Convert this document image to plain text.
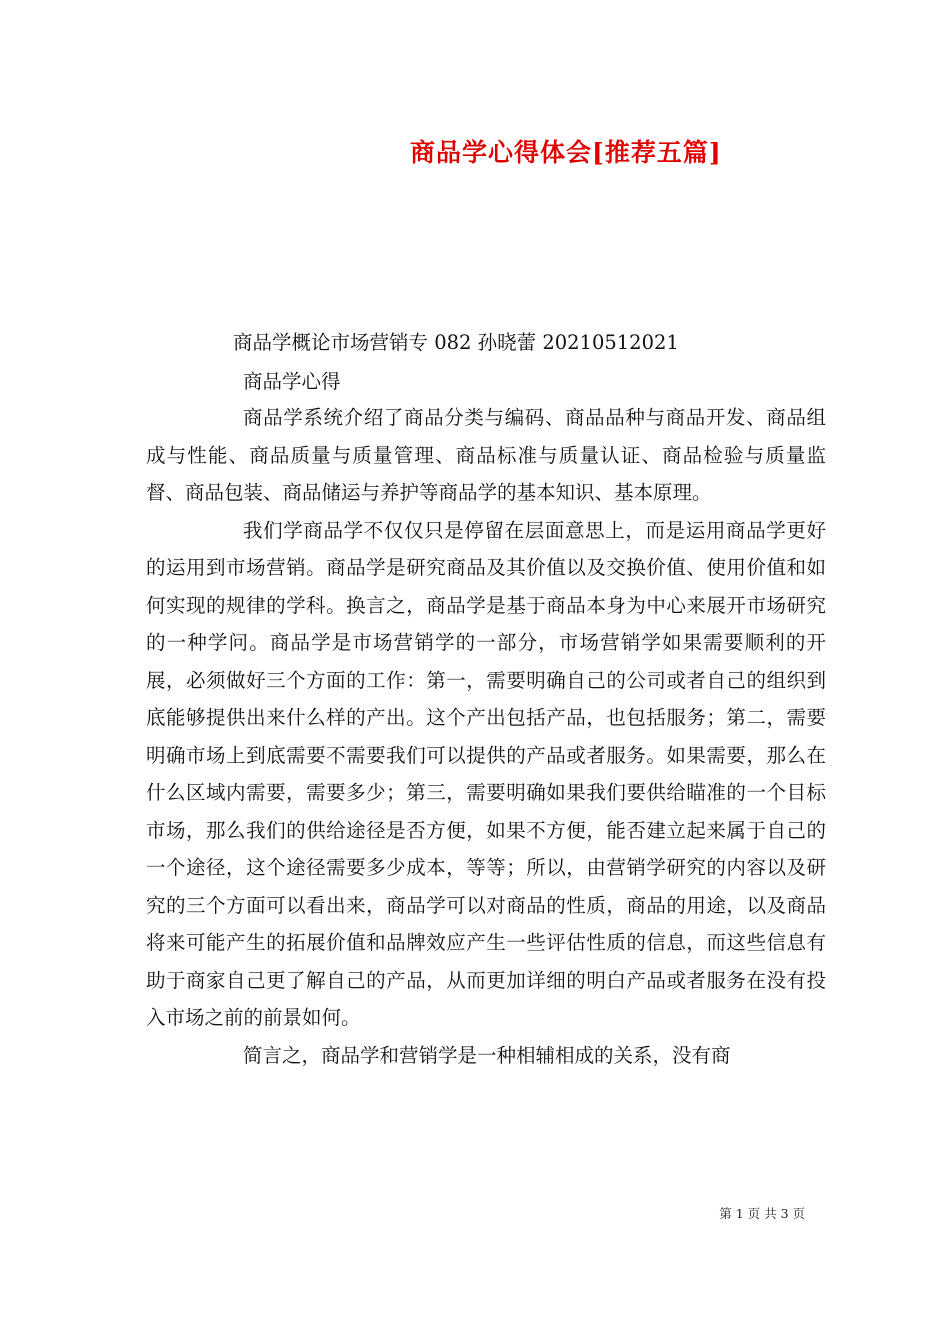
商品学心得体会[推荐五篇]
商品学概论市场营销专 082 孙晓蕾 20210512021
商品学心得

商品学系统介绍了商品分类与编码、商品品种与商品开发、商品组成与性能、商品质量与质量管理、商品标准与质量认证、商品检验与质量监督、商品包装、商品储运与养护等商品学的基本知识、基本原理。

我们学商品学不仅仅只是停留在层面意思上，而是运用商品学更好的运用到市场营销。商品学是研究商品及其价值以及交换价值、使用价值和如何实现的规律的学科。换言之，商品学是基于商品本身为中心来展开市场研究的一种学问。商品学是市场营销学的一部分，市场营销学如果需要顺利的开展，必须做好三个方面的工作：第一，需要明确自己的公司或者自己的组织到底能够提供出来什么样的产出。这个产出包括产品，也包括服务；第二，需要明确市场上到底需要不需要我们可以提供的产品或者服务。如果需要，那么在什么区域内需要，需要多少；第三，需要明确如果我们要供给瞄准的一个目标市场，那么我们的供给途径是否方便，如果不方便，能否建立起来属于自己的一个途径，这个途径需要多少成本，等等；所以，由营销学研究的内容以及研究的三个方面可以看出来，商品学可以对商品的性质，商品的用途，以及商品将来可能产生的拓展价值和品牌效应产生一些评估性质的信息，而这些信息有助于商家自己更了解自己的产品，从而更加详细的明白产品或者服务在没有投入市场之前的前景如何。

简言之，商品学和营销学是一种相辅相成的关系，没有商

第 1 页 共 3 页
